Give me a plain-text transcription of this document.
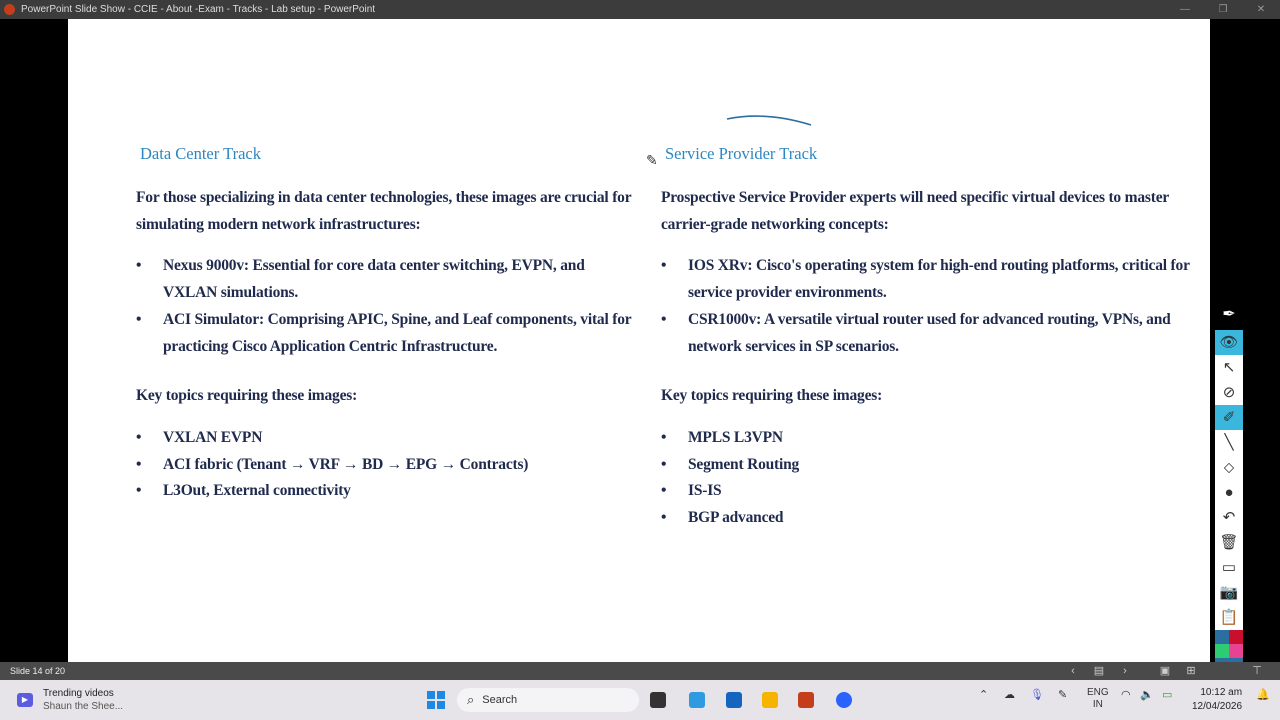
PowerPoint Slide Show - CCIE - About -Exam - Tracks - Lab setup - PowerPoint	—	❐	✕
✎
Data Center Track

For those specializing in data center technologies, these images are crucial for simulating modern network infrastructures:

• Nexus 9000v: Essential for core data center switching, EVPN, and VXLAN simulations.
• ACI Simulator: Comprising APIC, Spine, and Leaf components, vital for practicing Cisco Application Centric Infrastructure.

Key topics requiring these images:

• VXLAN EVPN
• ACI fabric (Tenant → VRF → BD → EPG → Contracts)
• L3Out, External connectivity
Service Provider Track

Prospective Service Provider experts will need specific virtual devices to master carrier-grade networking concepts:

• IOS XRv: Cisco's operating system for high-end routing platforms, critical for service provider environments.
• CSR1000v: A versatile virtual router used for advanced routing, VPNs, and network services in SP scenarios.

Key topics requiring these images:

• MPLS L3VPN
• Segment Routing
• IS-IS
• BGP advanced
✒
👁
↖
⊘
✐
╲
⬦
●
↶
🗑
▭
📷
📋
Slide 14 of 20	‹	▤	›	▣	⊞	⊤
▶
Trending videos
Shaun the Shee...	⌕ Search	⌃ ☁ 🎙 ✎ ENG
IN
◠ 🔈 ▭	10:12 am
12/04/2026
🔔
